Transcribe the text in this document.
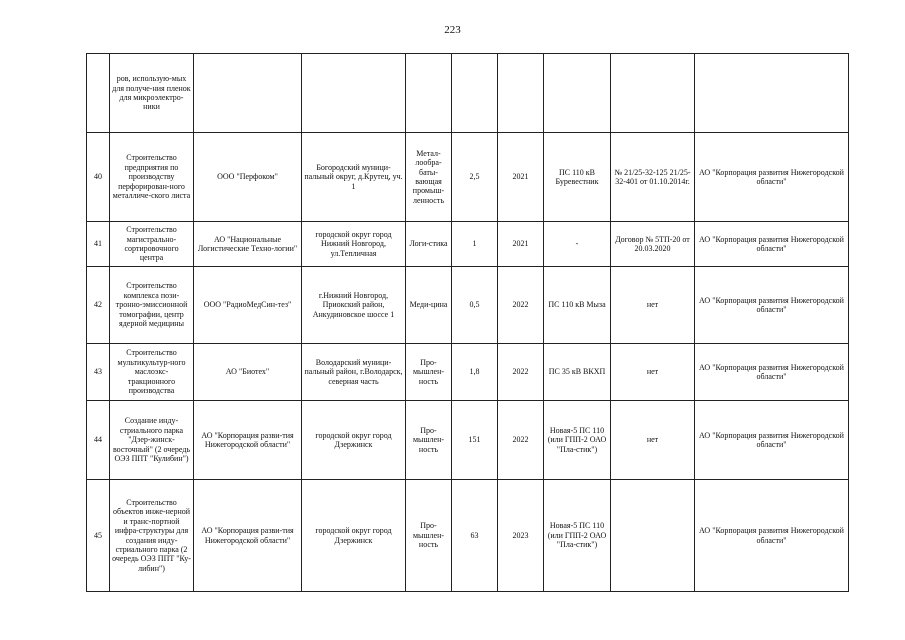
223
	ров, использую-мых для получе-ния пленок для микроэлектро-ники								
40	Строительство предприятия по производству перфорирован-ного металличе-ского листа	ООО "Перфоком"	Богородский муници-пальный округ, д.Крутец, уч. 1	Метал-лообра-баты-вающая промыш-ленность	2,5	2021	ПС 110 кВ Буревестник	№ 21/25-32-125 21/25-32-401 от 01.10.2014г.	АО "Корпорация развития Нижегородской области"
41	Строительство магистрально-сортировочного центра	АО "Национальные Логистические Техно-логии"	городской округ город Нижний Новгород, ул.Тепличная	Логи-стика	1	2021	-	Договор № 5ТП-20 от 20.03.2020	АО "Корпорация развития Нижегородской области"
42	Строительство комплекса пози-тронно-эмиссионной томографии, центр ядерной медицины	ООО "РадиоМедСин-тез"	г.Нижний Новгород, Приокский район, Анкудиновское шоссе 1	Меди-цина	0,5	2022	ПС 110 кВ Мыза	нет	АО "Корпорация развития Нижегородской области"
43	Строительство мультикультур-ного маслоэкс-тракционного производства	АО "Биотех"	Володарский муници-пальный район, г.Володарск, северная часть	Про-мышлен-ность	1,8	2022	ПС 35 кВ ВКХП	нет	АО "Корпорация развития Нижегородской области"
44	Создание инду-стриального парка "Дзер-жинск-восточный" (2 очередь ОЭЗ ППТ "Кулибин")	АО "Корпорация разви-тия Нижегородской области"	городской округ город Дзержинск	Про-мышлен-ность	151	2022	Новая-5 ПС 110 (или ГПП-2 ОАО "Пла-стик")	нет	АО "Корпорация развития Нижегородской области"
45	Строительство объектов инже-нерной и транс-портной инфра-структуры для создания инду-стриального парка (2 очередь ОЭЗ ППТ "Ку-либин")	АО "Корпорация разви-тия Нижегородской области"	городской округ город Дзержинск	Про-мышлен-ность	63	2023	Новая-5 ПС 110 (или ГПП-2 ОАО "Пла-стик")		АО "Корпорация развития Нижегородской области"
